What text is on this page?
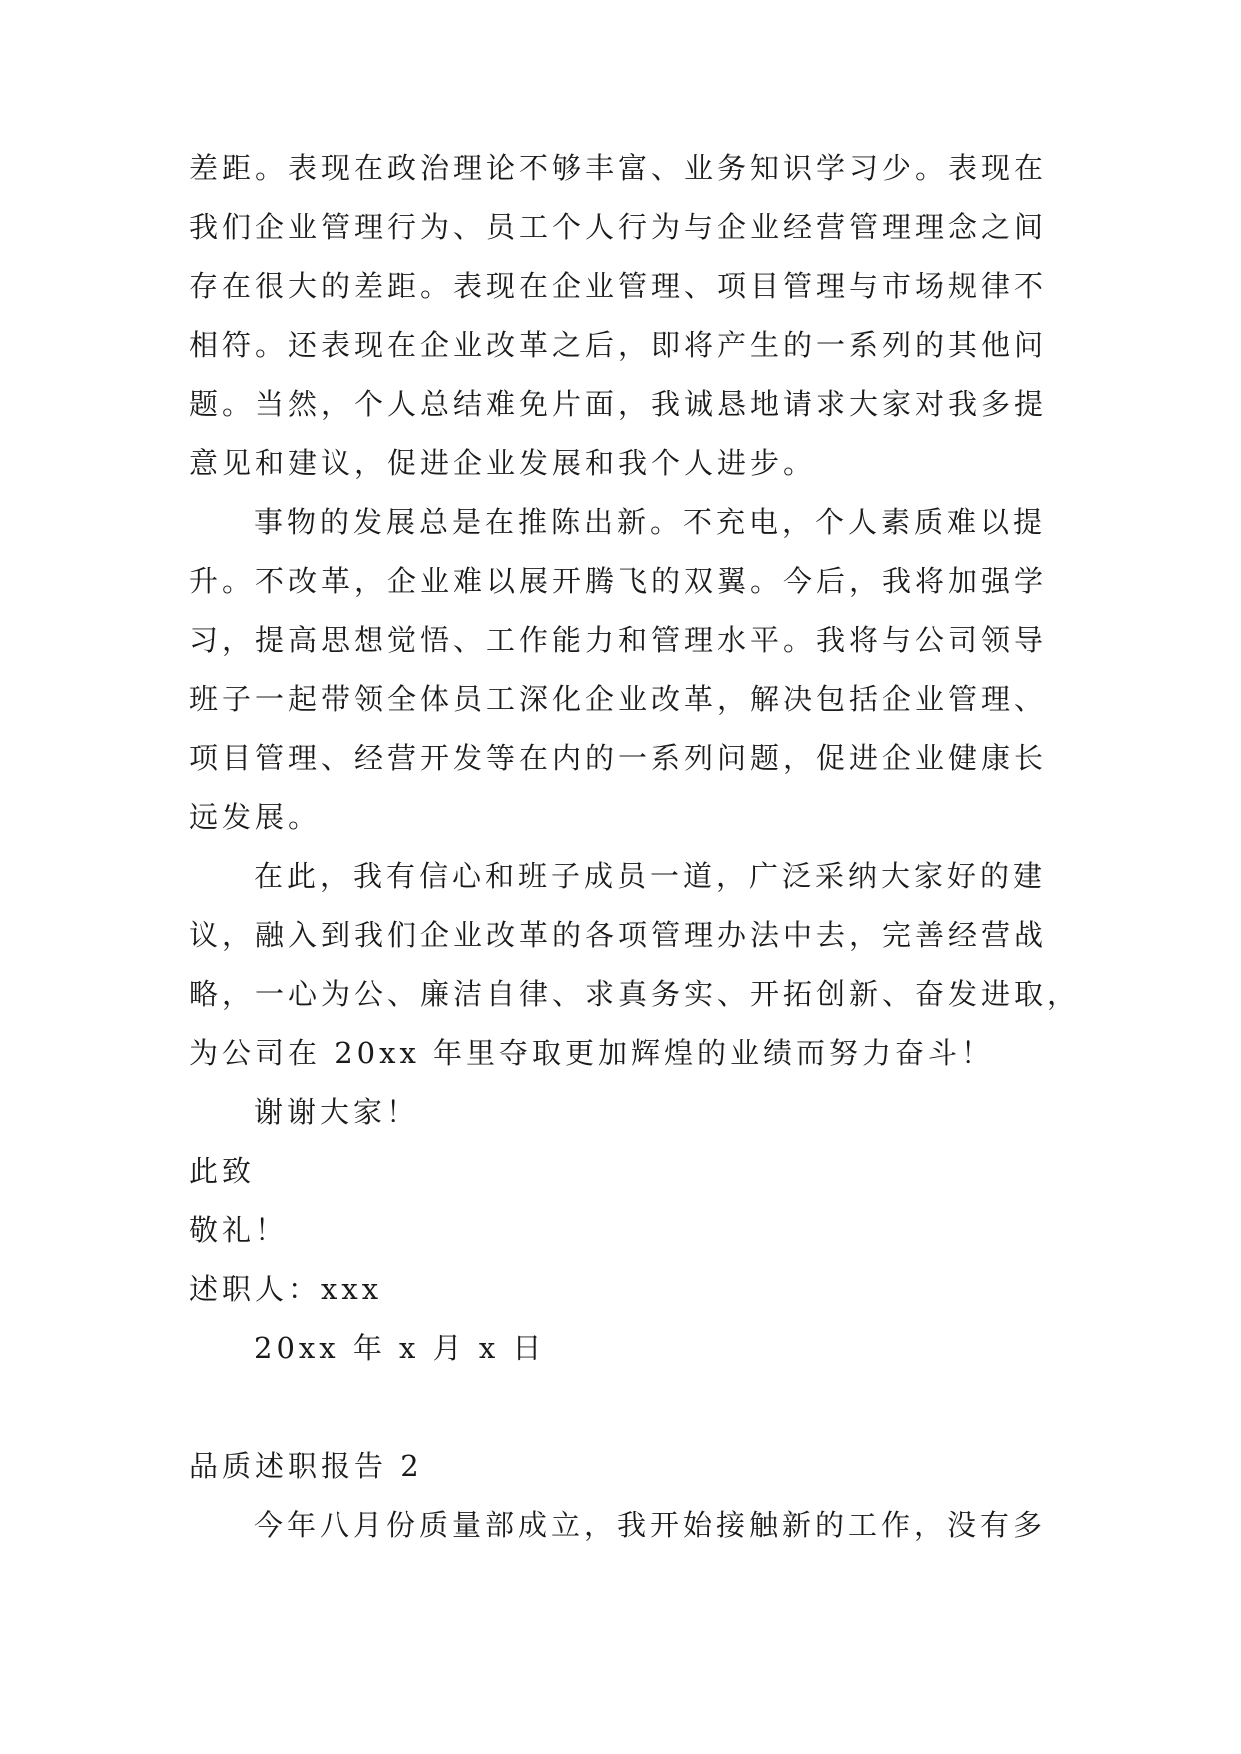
差距。表现在政治理论不够丰富、业务知识学习少。表现在
我们企业管理行为、员工个人行为与企业经营管理理念之间
存在很大的差距。表现在企业管理、项目管理与市场规律不
相符。还表现在企业改革之后，即将产生的一系列的其他问
题。当然，个人总结难免片面，我诚恳地请求大家对我多提
意见和建议，促进企业发展和我个人进步。
事物的发展总是在推陈出新。不充电，个人素质难以提
升。不改革，企业难以展开腾飞的双翼。今后，我将加强学
习，提高思想觉悟、工作能力和管理水平。我将与公司领导
班子一起带领全体员工深化企业改革，解决包括企业管理、
项目管理、经营开发等在内的一系列问题，促进企业健康长
远发展。
在此，我有信心和班子成员一道，广泛采纳大家好的建
议，融入到我们企业改革的各项管理办法中去，完善经营战
略，一心为公、廉洁自律、求真务实、开拓创新、奋发进取，
为公司在 20xx 年里夺取更加辉煌的业绩而努力奋斗！
谢谢大家！
此致
敬礼！
述职人：xxx
20xx 年 x 月 x 日
品质述职报告 2
今年八月份质量部成立，我开始接触新的工作，没有多
